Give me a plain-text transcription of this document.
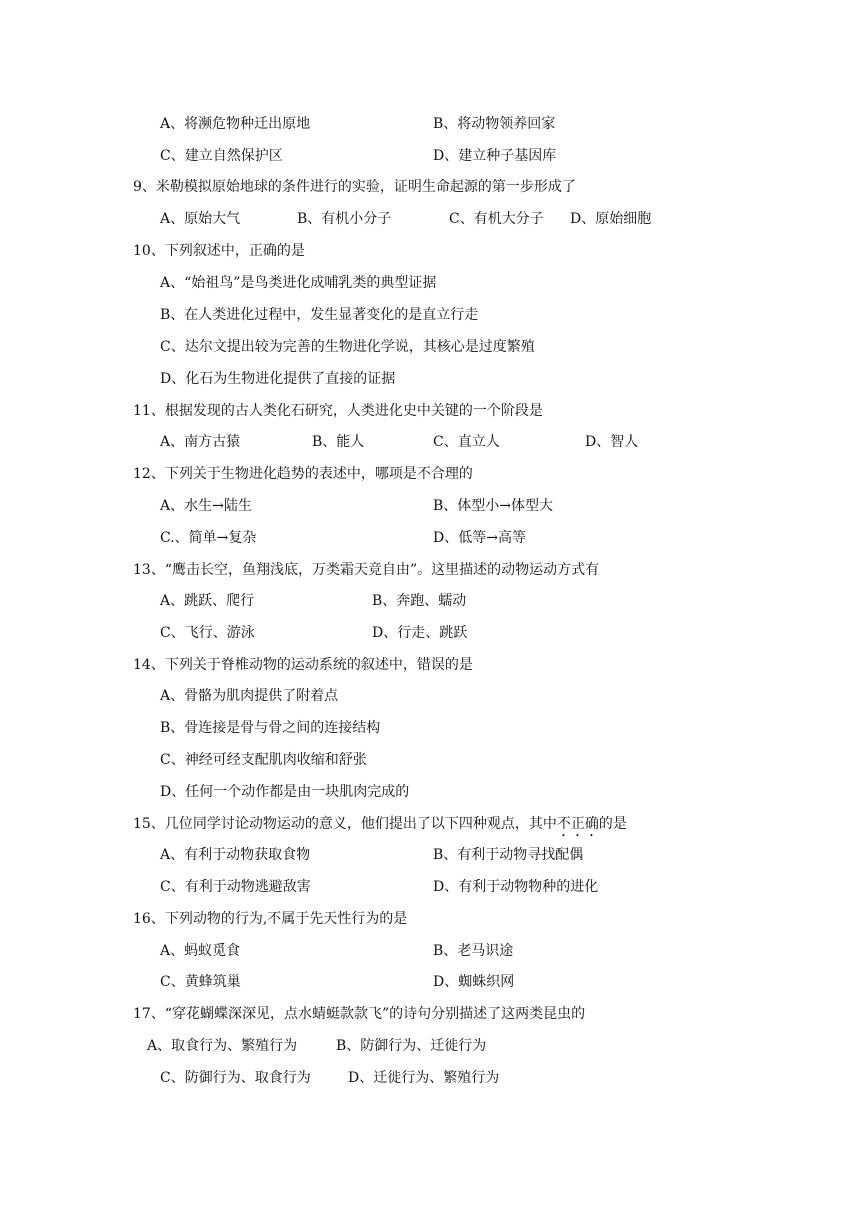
A、将濒危物种迁出原地	B、将动物领养回家
C、建立自然保护区	D、建立种子基因库
9、米勒模拟原始地球的条件进行的实验，证明生命起源的第一步形成了
A、原始大气	B、有机小分子	C、有机大分子 D、原始细胞
10、下列叙述中，正确的是
A、“始祖鸟”是鸟类进化成哺乳类的典型证据
B、在人类进化过程中，发生显著变化的是直立行走
C、达尔文提出较为完善的生物进化学说，其核心是过度繁殖
D、化石为生物进化提供了直接的证据
11、根据发现的古人类化石研究，人类进化史中关键的一个阶段是
A、南方古猿	B、能人	C、直立人	D、智人
12、下列关于生物进化趋势的表述中，哪项是不合理的
A、水生→陆生	B、体型小→体型大
C.、简单→复杂	D、低等→高等
13、“鹰击长空，鱼翔浅底，万类霜天竞自由”。这里描述的动物运动方式有
A、跳跃、爬行	B、奔跑、蠕动
C、飞行、游泳	D、行走、跳跃
14、下列关于脊椎动物的运动系统的叙述中，错误的是
A、骨骼为肌肉提供了附着点
B、骨连接是骨与骨之间的连接结构
C、神经可经支配肌肉收缩和舒张
D、任何一个动作都是由一块肌肉完成的
15、几位同学讨论动物运动的意义，他们提出了以下四种观点，其中不正确的是
A、有利于动物获取食物	B、有利于动物寻找配偶
C、有利于动物逃避敌害	D、有利于动物物种的进化
16、下列动物的行为,不属于先天性行为的是
A、蚂蚁觅食	B、老马识途
C、黄蜂筑巢	D、蜘蛛织网
17、“穿花蝴蝶深深见，点水蜻蜓款款飞”的诗句分别描述了这两类昆虫的
A、取食行为、繁殖行为	B、防御行为、迁徙行为
C、防御行为、取食行为	D、迁徙行为、繁殖行为
